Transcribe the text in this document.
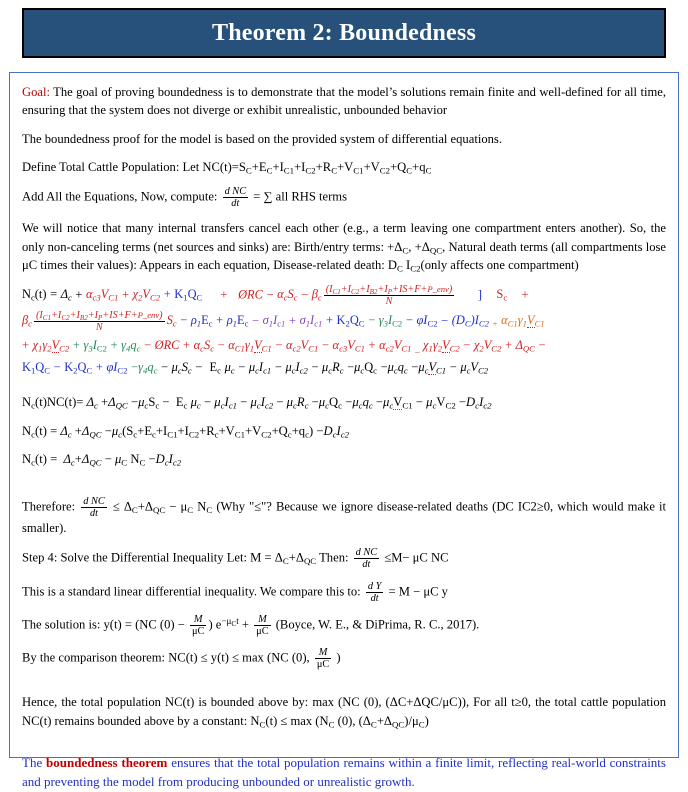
Theorem 2: Boundedness

Goal: The goal of proving boundedness is to demonstrate that the model’s solutions remain finite and well-defined for all time, ensuring that the system does not diverge or exhibit unrealistic, unbounded behavior

The boundedness proof for the model is based on the provided system of differential equations.

Define Total Cattle Population: Let $NC(t)=S_C+E_C+I_{C1}+I_{C2}+R_C+V_{C1}+V_{C2}+Q_C+q_C$

Add All the Equations, Now, compute: $\frac{\text{d NC}}{dt}$ = ∑ all RHS terms

We will notice that many internal transfers cancel each other (e.g., a term leaving one compartment enters another). So, the only non-canceling terms (net sources and sinks) are: Birth/entry terms: $+\Delta_C$, $+\Delta_{QC}$, Natural death terms (all compartments lose μC times their values): Appears in each equation, Disease-related death: $D_C$ $I_{C2}(only$ affects one compartment)

$N_c(t) = \Delta_c + \alpha_{c3}V_{C1} + \chi_2V_{C2} + K_1Q_C$ + ØRC − $\alpha_cS_c - \beta_c \frac{(I_{C1}+I_{C2}+I_{B2}+I_P+IS+F+P\_env)}{N}$ ] $S_c$ +
$\beta_c \frac{(I_{C1}+I_{C2}+I_{B2}+I_P+IS+F+P\_env)}{N} S_c - \rho_1E_c + \rho_1E_c - \sigma_1I_{c1} + \sigma_1I_{c1} + K_2Q_C - \gamma_3I_{C2} - \varphi I_{C2} - (D_C)I_{C2}$ $_+$ $\alpha_{C1}\gamma_1V_{C1}$
+ $\chi_1\gamma_2V_{C2} + \gamma_3I_{C2} + \gamma_4q_c$ − ØRC + $\alpha_cS_c - \alpha_{C1}\gamma_1V_{C1} - \alpha_{c2}V_{C1} - \alpha_{c3}V_{C1} + \alpha_{c2}V_{C1}$ $_{\_}$ $\chi_1\gamma_2V_{C2} - \chi_2V_{C2} + \Delta_{QC}$ −
$K_1Q_C - K_2Q_C + \varphi I_{C2} -\gamma_4q_c - \mu_cS_c - E_c$ $\mu_c - \mu_cI_{c1} - \mu_cI_{c2} - \mu_cR_c -\mu_cQ_c -\mu_cq_c -\mu_cV_{C1} - \mu_cV_{C2}$
$N_c(t)NC(t)= \Delta_c +\Delta_{QC} -\mu_cS_c - E_c$ $\mu_c - \mu_cI_{c1} - \mu_cI_{c2} - \mu_cR_c -\mu_cQ_c -\mu_cq_c -\mu_cV_{C1} - \mu_cV_{C2} -D_cI_{c2}$
$N_c(t) = \Delta_c +\Delta_{QC} -\mu_c(S_c+E_c+I_{C1}+I_{C2}+R_c+V_{C1}+V_{C2}+Q_c+q_c) -D_cI_{c2}$
$N_c(t) = \Delta_c+\Delta_{QC} - \mu_C$ $N_C -D_cI_{c2}$

Therefore: $\frac{\text{d NC}}{dt} \le \Delta_C+\Delta_{QC} - \mu_C$ $N_C$ (Why "≤"? Because we ignore disease-related deaths (DC IC2≥0, which would make it smaller).

Step 4: Solve the Differential Inequality Let: $M = \Delta_C+\Delta_{QC}$ Then: $\frac{\text{d NC}}{dt} \le M- \mu C$ NC

This is a standard linear differential inequality. We compare this to: $\frac{\text{d Y}}{dt} = M - \mu C$ y

The solution is: y(t) = (NC $(0) - \frac{M}{\mu C}$ ) $e^{-\mu_Ct} + \frac{M}{\mu C}$ (Boyce, W. E., & DiPrima, R. C., 2017).

By the comparison theorem: NC(t) ≤ y(t) ≤ max (NC (0), $\frac{M}{\mu C}$ )

Hence, the total population NC(t) is bounded above by: max (NC (0), (ΔC+ΔQC/μC)), For all t≥0, the total cattle population NC(t) remains bounded above by a constant: $N_C(t) \le \max (N_C$ (0), $(\Delta_C+\Delta_{QC})/\mu_C$)

The boundedness theorem ensures that the total population remains within a finite limit, reflecting real-world constraints and preventing the model from producing unbounded or unrealistic growth.
